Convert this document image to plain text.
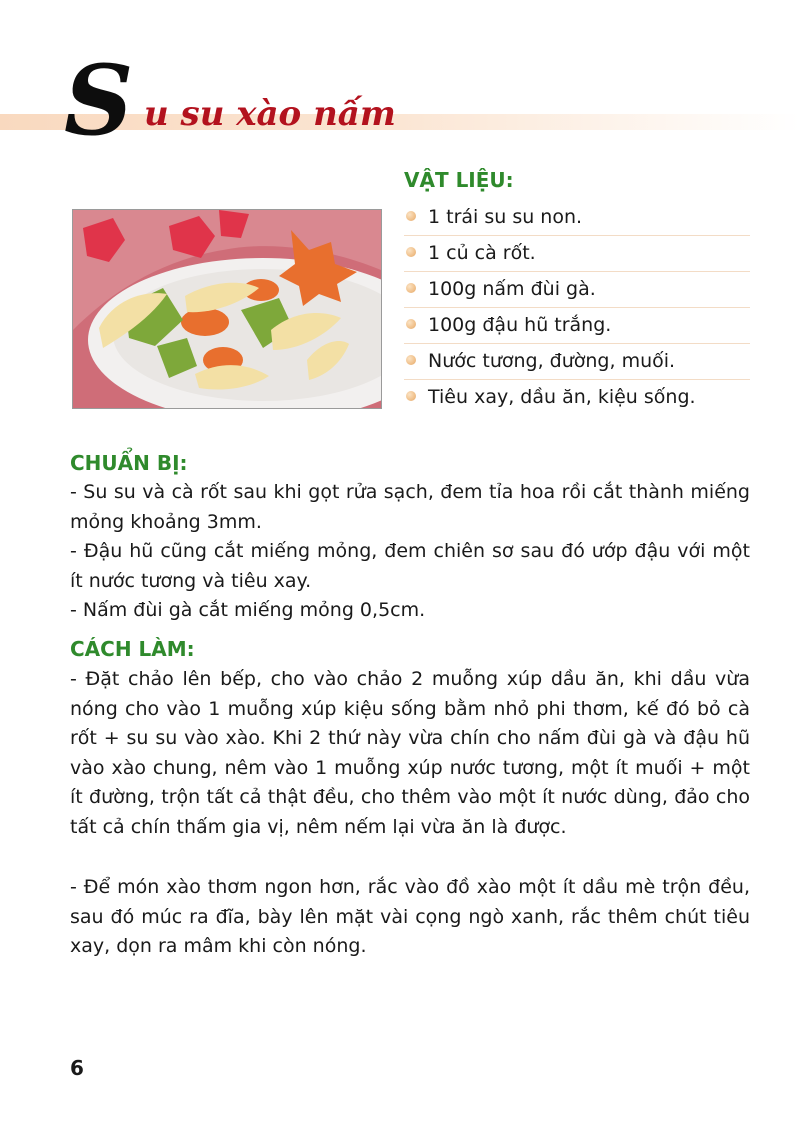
S u su xào nấm
VẬT LIỆU:
1 trái su su non.
1 củ cà rốt.
100g nấm đùi gà.
100g đậu hũ trắng.
Nước tương, đường, muối.
Tiêu xay, dầu ăn, kiệu sống.
CHUẨN BỊ:

- Su su và cà rốt sau khi gọt rửa sạch, đem tỉa hoa rồi cắt thành miếng mỏng khoảng 3mm.

- Đậu hũ cũng cắt miếng mỏng, đem chiên sơ sau đó ướp đậu với một ít nước tương và tiêu xay.

- Nấm đùi gà cắt miếng mỏng 0,5cm.

CÁCH LÀM:

- Đặt chảo lên bếp, cho vào chảo 2 muỗng xúp dầu ăn, khi dầu vừa nóng cho vào 1 muỗng xúp kiệu sống bằm nhỏ phi thơm, kế đó bỏ cà rốt + su su vào xào. Khi 2 thứ này vừa chín cho nấm đùi gà và đậu hũ vào xào chung, nêm vào 1 muỗng xúp nước tương, một ít muối + một ít đường, trộn tất cả thật đều, cho thêm vào một ít nước dùng, đảo cho tất cả chín thấm gia vị, nêm nếm lại vừa ăn là được.

- Để món xào thơm ngon hơn, rắc vào đồ xào một ít dầu mè trộn đều, sau đó múc ra đĩa, bày lên mặt vài cọng ngò xanh, rắc thêm chút tiêu xay, dọn ra mâm khi còn nóng.

6
